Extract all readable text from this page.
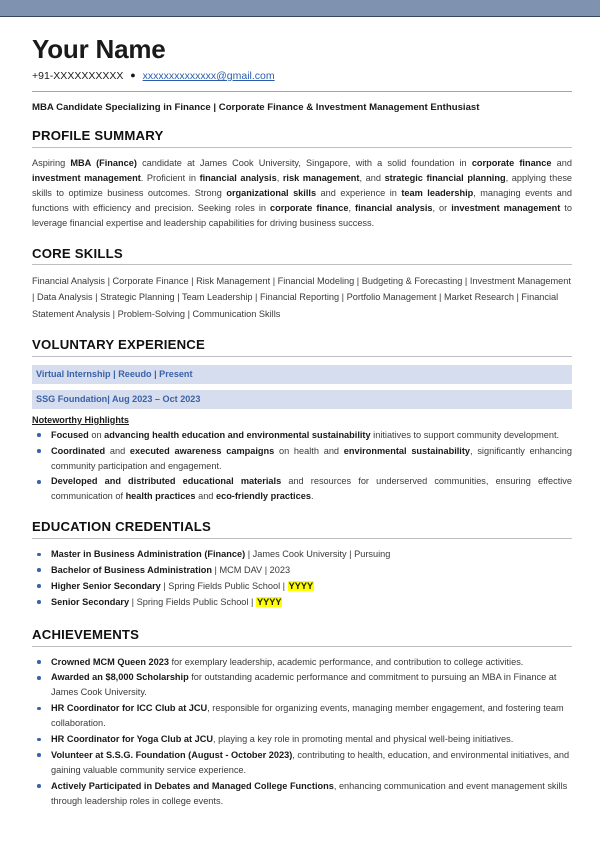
Your Name
+91-XXXXXXXXXX ● xxxxxxxxxxxxxx@gmail.com
MBA Candidate Specializing in Finance | Corporate Finance & Investment Management Enthusiast
PROFILE SUMMARY
Aspiring MBA (Finance) candidate at James Cook University, Singapore, with a solid foundation in corporate finance and investment management. Proficient in financial analysis, risk management, and strategic financial planning, applying these skills to optimize business outcomes. Strong organizational skills and experience in team leadership, managing events and functions with efficiency and precision. Seeking roles in corporate finance, financial analysis, or investment management to leverage financial expertise and leadership capabilities for driving business success.
CORE SKILLS
Financial Analysis | Corporate Finance | Risk Management | Financial Modeling | Budgeting & Forecasting | Investment Management | Data Analysis | Strategic Planning | Team Leadership | Financial Reporting | Portfolio Management | Market Research | Financial Statement Analysis | Problem-Solving | Communication Skills
VOLUNTARY EXPERIENCE
Virtual Internship | Reeudo | Present
SSG Foundation| Aug 2023 – Oct 2023
Noteworthy Highlights
Focused on advancing health education and environmental sustainability initiatives to support community development.
Coordinated and executed awareness campaigns on health and environmental sustainability, significantly enhancing community participation and engagement.
Developed and distributed educational materials and resources for underserved communities, ensuring effective communication of health practices and eco-friendly practices.
EDUCATION CREDENTIALS
Master in Business Administration (Finance) | James Cook University | Pursuing
Bachelor of Business Administration | MCM DAV | 2023
Higher Senior Secondary | Spring Fields Public School | YYYY
Senior Secondary | Spring Fields Public School | YYYY
ACHIEVEMENTS
Crowned MCM Queen 2023 for exemplary leadership, academic performance, and contribution to college activities.
Awarded an $8,000 Scholarship for outstanding academic performance and commitment to pursuing an MBA in Finance at James Cook University.
HR Coordinator for ICC Club at JCU, responsible for organizing events, managing member engagement, and fostering team collaboration.
HR Coordinator for Yoga Club at JCU, playing a key role in promoting mental and physical well-being initiatives.
Volunteer at S.S.G. Foundation (August - October 2023), contributing to health, education, and environmental initiatives, and gaining valuable community service experience.
Actively Participated in Debates and Managed College Functions, enhancing communication and event management skills through leadership roles in college events.
